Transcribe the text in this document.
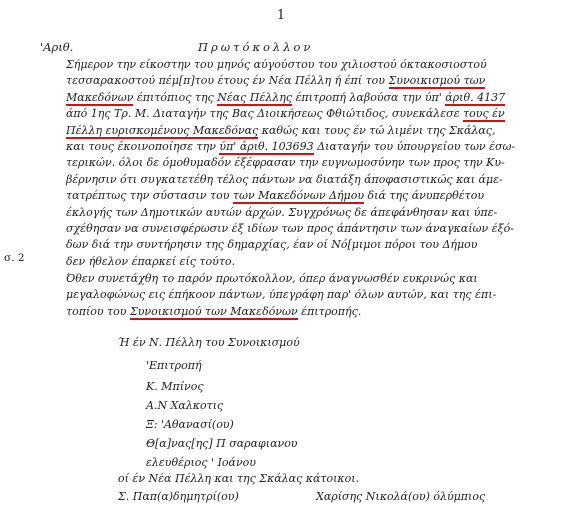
1
'Αριθ.	Πρωτόκολλον
σ. 2
Σήμερον την είκοστην του μηνός αύγούστου του χιλιοστού όκτακοσιοστού
τεσσαρακοστού πέμ[π]του έτους έν Νέα Πέλλη ή έπί του Συνοικισμού των
Μακεδόνων έπιτόπιος της Νέας Πέλλης έπιτροπή λαβούσα την ύπ' άριθ. 4137
άπό 1ης Τρ. Μ. Διαταγήν της Βας Διοικήσεως Φθιώτιδος, συνεκάλεσε τους έν
Πέλλη ευρισκομένους Μακεδόνας καθώς και τους έν τώ λιμένι της Σκάλας,
και τους έκοινοποίησε την ύπ' άριθ. 103693 Διαταγήν του ύπουργείου των έσω-
τερικών. όλοι δε όμοθυμαδόν έξέφρασαν την ευγνωμοσύνην των προς την Κυ-
βέρνησιν ότι συγκατετέθη τέλος πάντων να διατάξη άποφασιστικώς και άμε-
τατρέπτως την σύστασιν του των Μακεδόνων Δήμου διά της άνυπερθέτου
έκλογής των Δημοτικών αυτών άρχών. Συγχρόνως δε άπεφάνθησαν και ύπε-
σχέθησαν να συνεισφέρωσιν έξ ιδίων των προς άπάντησιν των άναγκαίων έξό-
δων διά την συντήρησιν της δημαρχίας, έαν οί Νό[μιμοι πόροι του Δήμου
δεν ήθελον έπαρκεί είς τούτο.
Όθεν συνετάχθη το παρόν πρωτόκολλον, όπερ άναγνωσθέν ευκρινώς και
μεγαλοφώνως εις έπήκοον πάντων, ύπεγράφη παρ' όλων αυτών, και της έπι-
τοπίου του Συνοικισμού των Μακεδόνων έπιτροπής.
Ή έν Ν. Πέλλη του Συνοικισμού
'Επιτροπή
Κ. Μπίνος
Α.Ν Χαλκοτις
Ξ: 'Αθανασί(ου)
Θ[α]νας[ης] Π σαραφιανου
ελευθέριος ' Ιοάνου
οί έν Νέα Πέλλη και της Σκάλας κάτοικοι.
Σ. Παπ(α)δημητρί(ου)	Χαρίσης Νικολά(ου) όλύμπιος
